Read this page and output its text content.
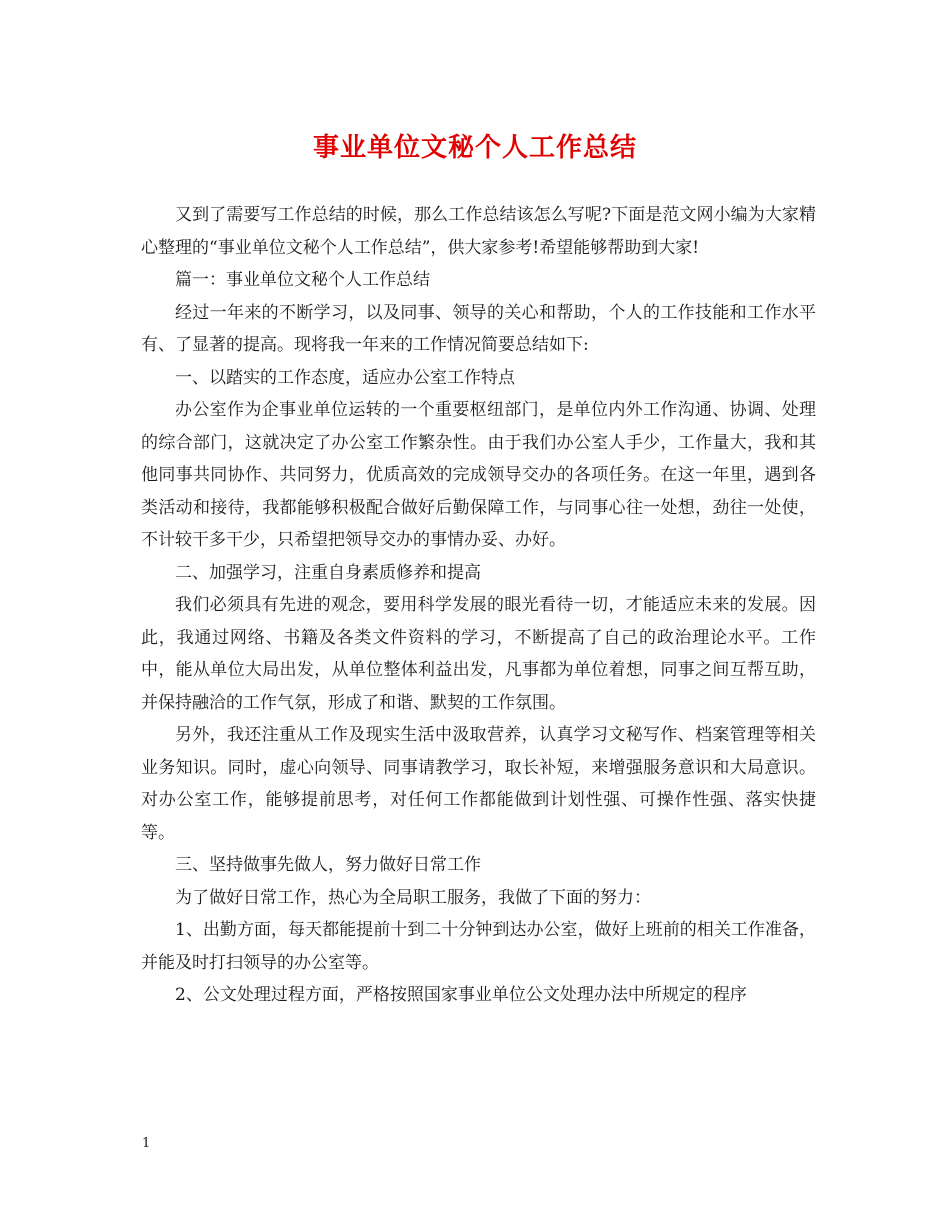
事业单位文秘个人工作总结

又到了需要写工作总结的时候，那么工作总结该怎么写呢?下面是范文网小编为大家精心整理的“事业单位文秘个人工作总结”，供大家参考!希望能够帮助到大家!

篇一：事业单位文秘个人工作总结

经过一年来的不断学习，以及同事、领导的关心和帮助，个人的工作技能和工作水平有、了显著的提高。现将我一年来的工作情况简要总结如下:

一、以踏实的工作态度，适应办公室工作特点

办公室作为企事业单位运转的一个重要枢纽部门，是单位内外工作沟通、协调、处理的综合部门，这就决定了办公室工作繁杂性。由于我们办公室人手少，工作量大，我和其他同事共同协作、共同努力，优质高效的完成领导交办的各项任务。在这一年里，遇到各类活动和接待，我都能够积极配合做好后勤保障工作，与同事心往一处想，劲往一处使，不计较干多干少，只希望把领导交办的事情办妥、办好。

二、加强学习，注重自身素质修养和提高

我们必须具有先进的观念，要用科学发展的眼光看待一切，才能适应未来的发展。因此，我通过网络、书籍及各类文件资料的学习，不断提高了自己的政治理论水平。工作中，能从单位大局出发，从单位整体利益出发，凡事都为单位着想，同事之间互帮互助，并保持融洽的工作气氛，形成了和谐、默契的工作氛围。

另外，我还注重从工作及现实生活中汲取营养，认真学习文秘写作、档案管理等相关业务知识。同时，虚心向领导、同事请教学习，取长补短，来增强服务意识和大局意识。对办公室工作，能够提前思考，对任何工作都能做到计划性强、可操作性强、落实快捷等。

三、坚持做事先做人，努力做好日常工作

为了做好日常工作，热心为全局职工服务，我做了下面的努力：

1、出勤方面，每天都能提前十到二十分钟到达办公室，做好上班前的相关工作准备，并能及时打扫领导的办公室等。

2、公文处理过程方面，严格按照国家事业单位公文处理办法中所规定的程序

1
